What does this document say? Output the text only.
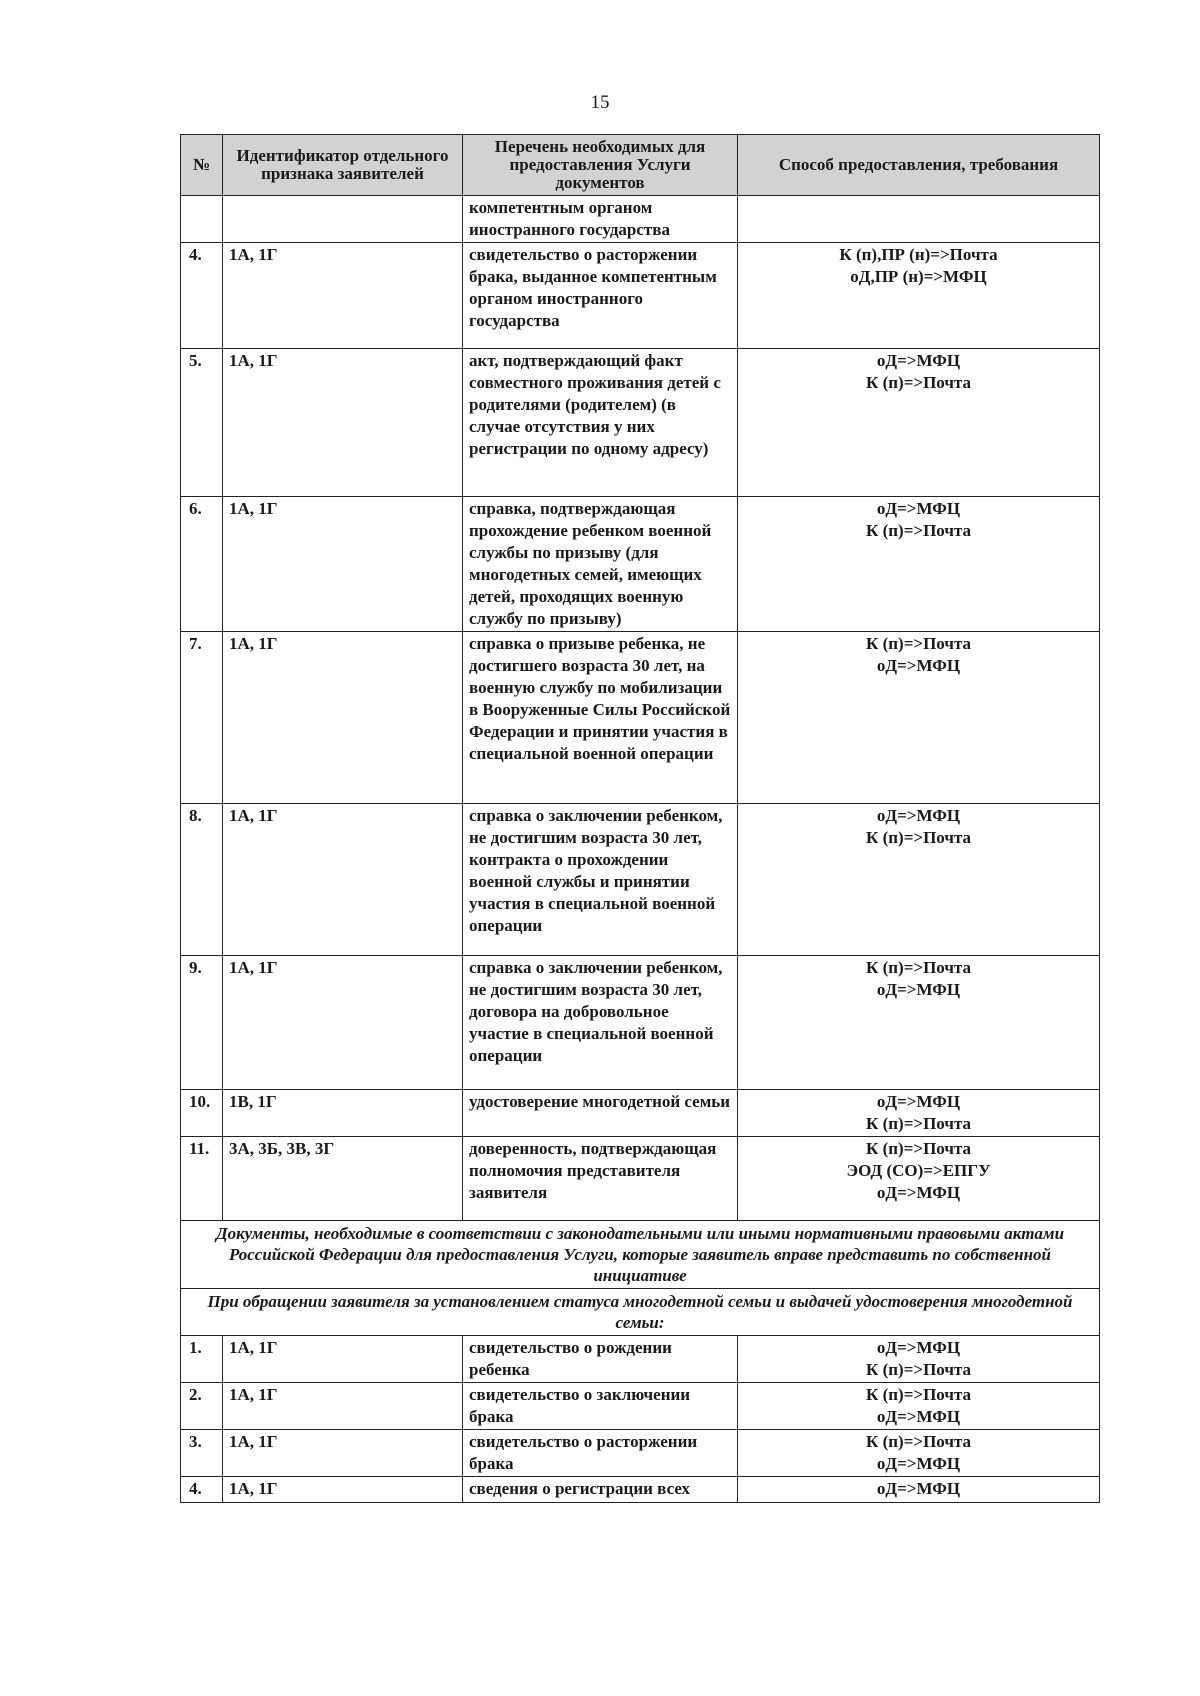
15
№	Идентификатор отдельного признака заявителей	Перечень необходимых для предоставления Услуги документов	Способ предоставления, требования
		компетентным органом иностранного государства	
4.	1А, 1Г	свидетельство о расторжении брака, выданное компетентным органом иностранного государства	К (п),ПР (н)=>Почта
оД,ПР (н)=>МФЦ
5.	1А, 1Г	акт, подтверждающий факт совместного проживания детей с родителями (родителем) (в случае отсутствия у них регистрации по одному адресу)	оД=>МФЦ
К (п)=>Почта
6.	1А, 1Г	справка, подтверждающая прохождение ребенком военной службы по призыву (для многодетных семей, имеющих детей, проходящих военную службу по призыву)	оД=>МФЦ
К (п)=>Почта
7.	1А, 1Г	справка о призыве ребенка, не достигшего возраста 30 лет, на военную службу по мобилизации в Вооруженные Силы Российской Федерации и принятии участия в специальной военной операции	К (п)=>Почта
оД=>МФЦ
8.	1А, 1Г	справка о заключении ребенком, не достигшим возраста 30 лет, контракта о прохождении военной службы и принятии участия в специальной военной операции	оД=>МФЦ
К (п)=>Почта
9.	1А, 1Г	справка о заключении ребенком, не достигшим возраста 30 лет, договора на добровольное участие в специальной военной операции	К (п)=>Почта
оД=>МФЦ
10.	1В, 1Г	удостоверение многодетной семьи	оД=>МФЦ
К (п)=>Почта
11.	3А, 3Б, 3В, 3Г	доверенность, подтверждающая полномочия представителя заявителя	К (п)=>Почта
ЭОД (СО)=>ЕПГУ
оД=>МФЦ
Документы, необходимые в соответствии с законодательными или иными нормативными правовыми актами Российской Федерации для предоставления Услуги, которые заявитель вправе представить по собственной инициативе			
При обращении заявителя за установлением статуса многодетной семьи и выдачей удостоверения многодетной семьи:			
1.	1А, 1Г	свидетельство о рождении ребенка	оД=>МФЦ
К (п)=>Почта
2.	1А, 1Г	свидетельство о заключении брака	К (п)=>Почта
оД=>МФЦ
3.	1А, 1Г	свидетельство о расторжении брака	К (п)=>Почта
оД=>МФЦ
4.	1А, 1Г	сведения о регистрации всех	оД=>МФЦ
